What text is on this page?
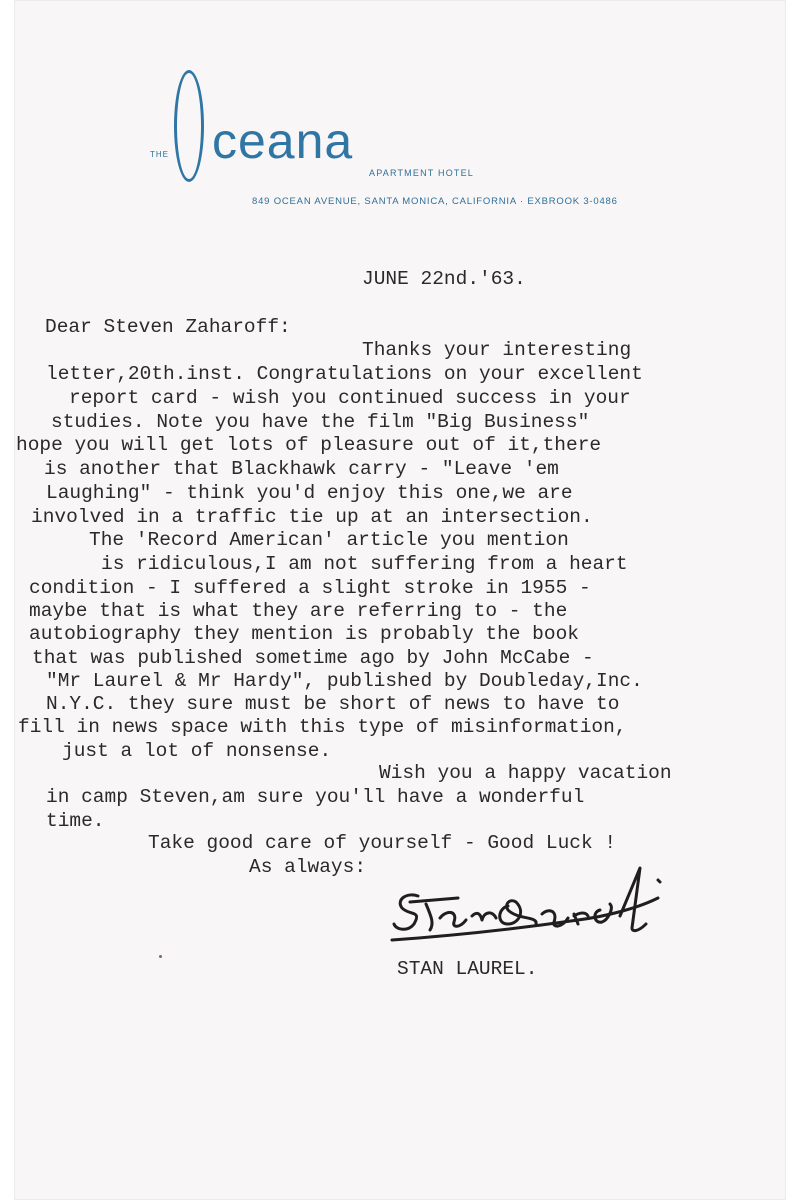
THE ceana
APARTMENT HOTEL
849 OCEAN AVENUE, SANTA MONICA, CALIFORNIA · EXBROOK 3-0486
JUNE 22nd.'63.
Dear Steven Zaharoff:
Thanks your interesting
letter,20th.inst. Congratulations on your excellent
report card - wish you continued success in your
studies. Note you have the film "Big Business"
hope you will get lots of pleasure out of it,there
is another that Blackhawk carry - "Leave 'em
Laughing" - think you'd enjoy this one,we are
involved in a traffic tie up at an intersection.
The 'Record American' article you mention
is ridiculous,I am not suffering from a heart
condition - I suffered a slight stroke in 1955 -
maybe that is what they are referring to - the
autobiography they mention is probably the book
that was published sometime ago by John McCabe -
"Mr Laurel & Mr Hardy", published by Doubleday,Inc.
N.Y.C. they sure must be short of news to have to
fill in news space with this type of misinformation,
just a lot of nonsense.
Wish you a happy vacation
in camp Steven,am sure you'll have a wonderful
time.
Take good care of yourself - Good Luck !
As always:
STAN LAUREL.
